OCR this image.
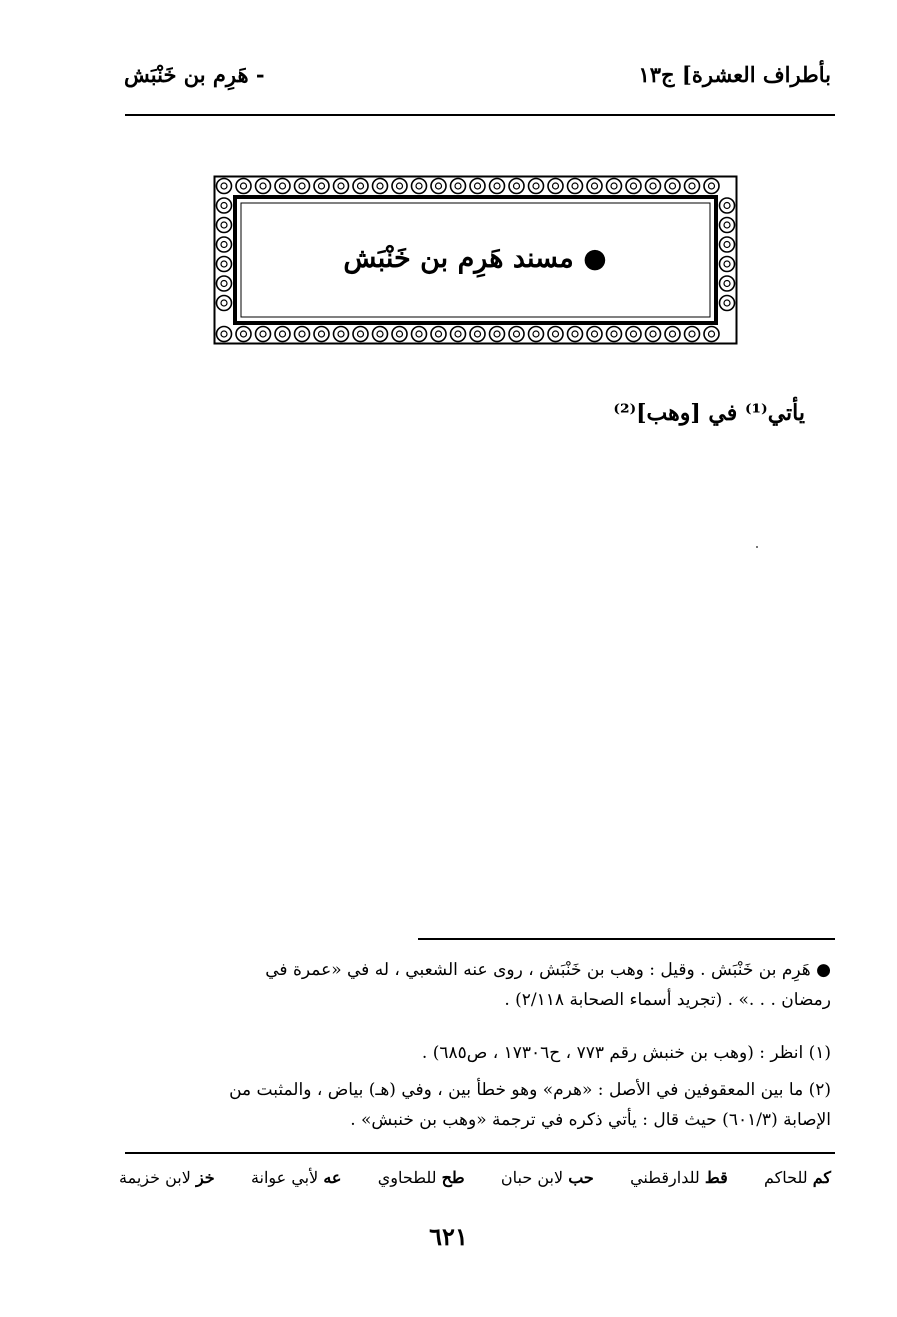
بأطراف العشرة] ج١٣
- هَرِم بن خَنْبَش
● مسند هَرِم بن خَنْبَش
يأتي⁽¹⁾ في [وهب]⁽²⁾
● هَرِم بن خَنْبَش . وقيل : وهب بن خَنْبَش ، روى عنه الشعبي ، له في «عمرة في
رمضان . . .» . (تجريد أسماء الصحابة ٢/١١٨) .
(١) انظر : (وهب بن خنبش رقم ٧٧٣ ، ح١٧٣٠٦ ، ص٦٨٥) .
(٢) ما بين المعقوفين في الأصل : «هرم» وهو خطأ بين ، وفي (هـ) بياض ، والمثبت من
الإصابة (٦٠١/٣) حيث قال : يأتي ذكره في ترجمة «وهب بن خنبش» .
خز لابن خزيمة	عه لأبي عوانة	طح للطحاوي	حب لابن حبان	قط للدارقطني	كم للحاكم
٦٢١
